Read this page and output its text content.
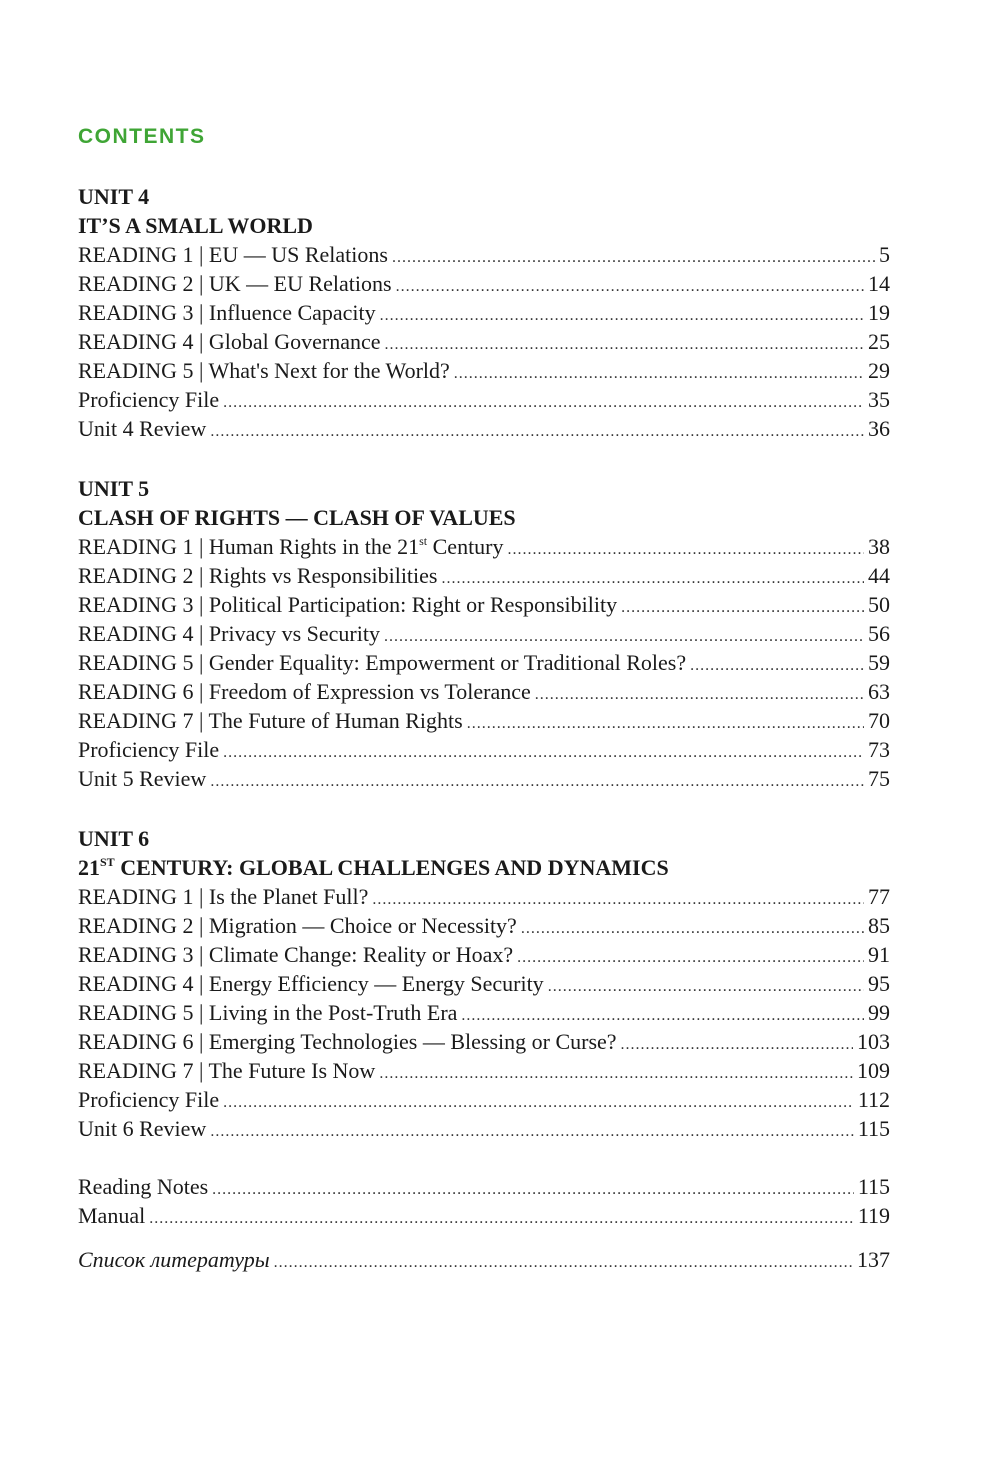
CONTENTS
UNIT 4
IT’S A SMALL WORLD
READING 1 | EU — US Relations .....	5
READING 2 | UK — EU Relations .....	14
READING 3 | Influence Capacity .....	19
READING 4 | Global Governance .....	25
READING 5 | What's Next for the World? .....	29
Proficiency File .....	35
Unit 4 Review .....	36
UNIT 5
CLASH OF RIGHTS — CLASH OF VALUES
READING 1 | Human Rights in the 21st Century .....	38
READING 2 | Rights vs Responsibilities .....	44
READING 3 | Political Participation: Right or Responsibility .....	50
READING 4 | Privacy vs Security .....	56
READING 5 | Gender Equality: Empowerment or Traditional Roles? .....	59
READING 6 | Freedom of Expression vs Tolerance .....	63
READING 7 | The Future of Human Rights .....	70
Proficiency File .....	73
Unit 5 Review .....	75
UNIT 6
21ST CENTURY: GLOBAL CHALLENGES AND DYNAMICS
READING 1 | Is the Planet Full? .....	77
READING 2 | Migration — Choice or Necessity? .....	85
READING 3 | Climate Change: Reality or Hoax? .....	91
READING 4 | Energy Efficiency — Energy Security .....	95
READING 5 | Living in the Post-Truth Era .....	99
READING 6 | Emerging Technologies — Blessing or Curse? .....	103
READING 7 | The Future Is Now .....	109
Proficiency File .....	112
Unit 6 Review .....	115
Reading Notes .....	115
Manual .....	119
Список литературы .....	137
